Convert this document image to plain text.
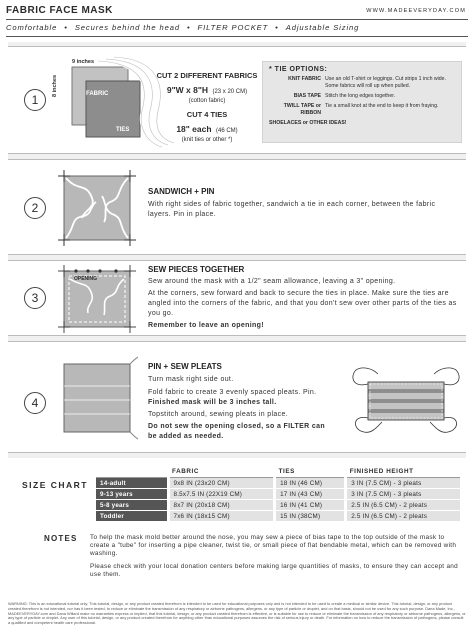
FABRIC FACE MASK	WWW.MADEEVERYDAY.COM
Comfortable • Secures behind the head • FILTER POCKET • Adjustable Sizing
1
9 inches
8 inches	FABRIC
TIES
CUT 2 DIFFERENT FABRICS
9"W x 8"H (23 x 20 CM)
(cotton fabric)
CUT 4 TIES
18" each (46 CM)
(knit ties or other *)
* TIE OPTIONS:
KNIT FABRIC Use an old T-shirt or leggings. Cut strips 1 inch wide. Some fabrics will roll up when pulled.
BIAS TAPE Stitch the long edges together.
TWILL TAPE or RIBBON
Tie a small knot at the end to keep it from fraying.
SHOELACES or OTHER IDEAS!
2
SANDWICH + PIN
With right sides of fabric together, sandwich a tie in each corner, between the fabric layers. Pin in place.
3
OPENING
SEW PIECES TOGETHER

Sew around the mask with a 1/2" seam allowance, leaving a 3" opening.

At the corners, sew forward and back to secure the ties in place. Make sure the ties are angled into the corners of the fabric, and that you don't sew over other parts of the ties as you go.

Remember to leave an opening!

4
PIN + SEW PLEATS

Turn mask right side out.

Fold fabric to create 3 evenly spaced pleats. Pin. Finished mask will be 3 inches tall.

Topstitch around, sewing pleats in place.

Do not sew the opening closed, so a FILTER can be added as needed.

SIZE CHART
	FABRIC	TIES	FINISHED HEIGHT
14-adult	9x8 IN (23x20 CM)	18 IN (46 CM)	3 IN (7.5 CM) - 3 pleats
9-13 years	8.5x7.5 IN (22X19 CM)	17 IN (43 CM)	3 IN (7.5 CM) - 3 pleats
5-8 years	8x7 IN (20x18 CM)	16 IN (41 CM)	2.5 IN (6.5 CM) - 2 pleats
Toddler	7x6 IN (18x15 CM)	15 IN (38CM)	2.5 IN (6.5 CM) - 2 pleats
NOTES To help the mask mold better around the nose, you may sew a piece of bias tape to the top outside of the mask to create a "tube" for inserting a pipe cleaner, twist tie, or small piece of flat bendable metal, which can be removed with washing.

Please check with your local donation centers before making large quantities of masks, to ensure they can accept and use them.

WARNING: This is an educational tutorial only. This tutorial, design, or any product created therefrom is intended to be used for educational purposes only and is not intended to be used to create a medical or similar device. This tutorial, design, or any product created therefrom is not intended, nor has it been tested, to reduce or eliminate the transmission of any respiratory or airborne pathogens, allergens, or any type of particle or droplet, and on that basis, should not be used for any such purpose. Dana Made, Inc., MADEEVERYDAY.com and Dana Willard make no warranties express or implied, that this tutorial, design, or any product created therefrom is effective, or is suitable for use to reduce or eliminate the transmission of any respiratory or airborne pathogens, allergens, or any type of particle or droplet. Any user of this tutorial, design, or any product created therefrom for anything other than educational purposes assumes the risk of serious injury or death. For information on how to reduce the transmission of pathogens, please consult a qualified and competent health care professional.
